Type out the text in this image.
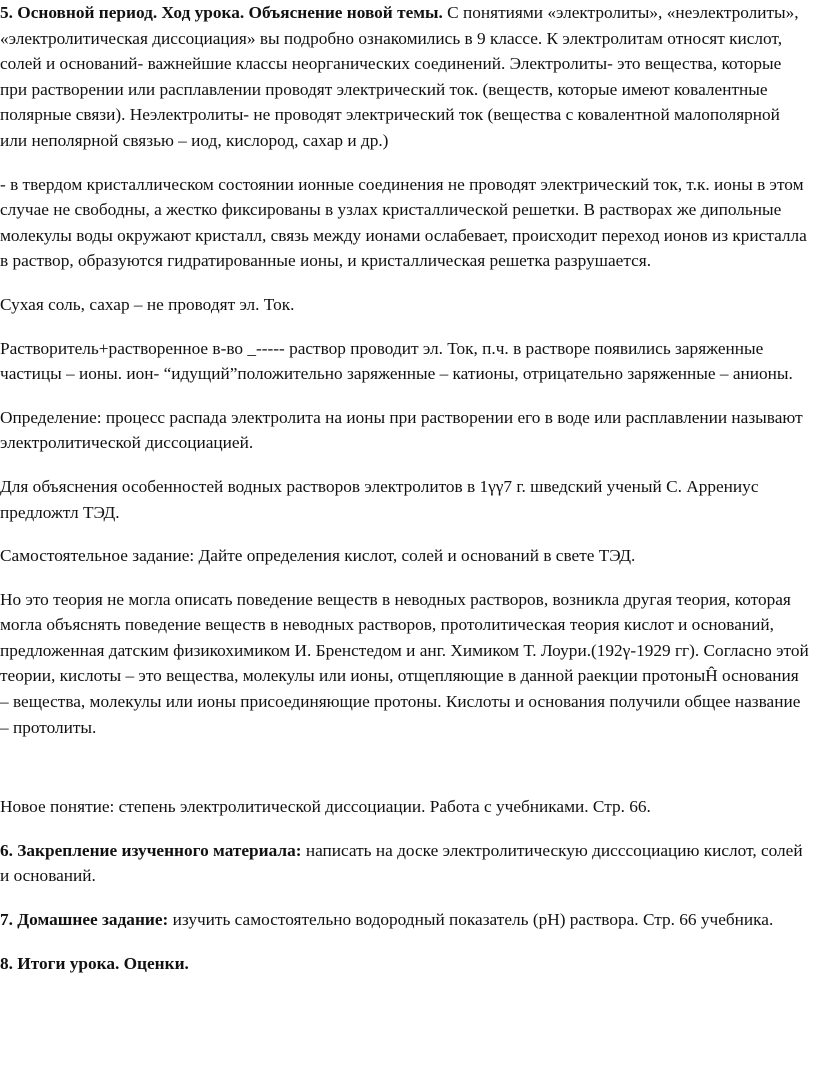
5. Основной период. Ход урока. Объяснение новой темы. С понятиями «электролиты», «неэлектролиты», «электролитическая диссоциация» вы подробно ознакомились в 9 классе. К электролитам относят кислот, солей и оснований- важнейшие классы неорганических соединений. Электролиты- это вещества, которые при растворении или расплавлении проводят электрический ток. (веществ, которые имеют ковалентные полярные связи). Неэлектролиты- не проводят электрический ток (вещества с ковалентной малополярной или неполярной связью – иод, кислород, сахар и др.)

- в твердом кристаллическом состоянии ионные соединения не проводят электрический ток, т.к. ионы в этом случае не свободны, а жестко фиксированы в узлах кристаллической решетки. В растворах же дипольные молекулы воды окружают кристалл, связь между ионами ослабевает, происходит переход ионов из кристалла в раствор, образуются гидратированные ионы, и кристаллическая решетка разрушается.

Сухая соль, сахар – не проводят эл. Ток.

Растворитель+растворенное в-во _----- раствор проводит эл. Ток, п.ч. в растворе появились заряженные частицы – ионы. ион- “идущий”положительно заряженные – катионы, отрицательно заряженные – анионы.

Определение: процесс распада электролита на ионы при растворении его в воде или расплавлении называют электролитической диссоциацией.

Для объяснения особенностей водных растворов электролитов в 1γγ7 г. шведский ученый С. Аррениус предложтл ТЭД.

Самостоятельное задание: Дайте определения кислот, солей и оснований в свете ТЭД.

Но это теория не могла описать поведение веществ в неводных растворов, возникла другая теория, которая могла объяснять поведение веществ в неводных растворов, протолитическая теория кислот и оснований, предложенная датским физикохимиком И. Бренстедом и анг. Химиком Т. Лоури.(192γ-1929 гг). Согласно этой теории, кислоты – это вещества, молекулы или ионы, отщепляющие в данной раекции протоныĤ основания – вещества, молекулы или ионы присоединяющие протоны. Кислоты и основания получили общее название – протолиты.

Новое понятие: степень электролитической диссоциации. Работа с учебниками. Стр. 66.

6. Закрепление изученного материала: написать на доске электролитическую дисссоциацию кислот, солей и оснований.

7. Домашнее задание: изучить самостоятельно водородный показатель (pH) раствора. Стр. 66 учебника.

8. Итоги урока. Оценки.
